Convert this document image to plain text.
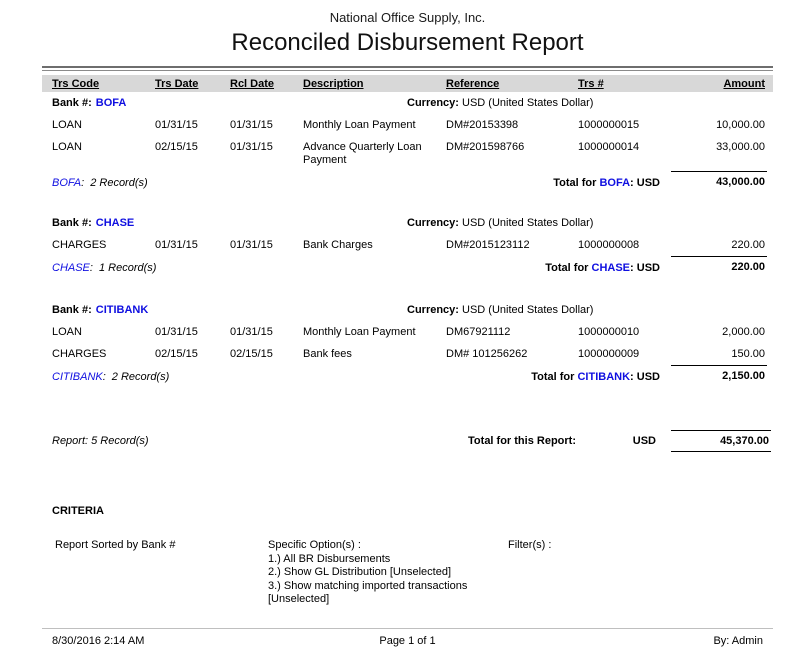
National Office Supply, Inc.
Reconciled Disbursement Report
Trs Code	Trs Date	Rcl Date	Description	Reference	Trs #	Amount
Bank #: BOFA			Currency: USD (United States Dollar)			
LOAN	01/31/15	01/31/15	Monthly Loan Payment	DM#20153398	1000000015	10,000.00
LOAN	02/15/15	01/31/15	Advance Quarterly Loan Payment	DM#201598766	1000000014	33,000.00
BOFA: 2 Record(s)			Total for BOFA: USD			43,000.00

Bank #: CHASE			Currency: USD (United States Dollar)			
CHARGES	01/31/15	01/31/15	Bank Charges	DM#2015123112	1000000008	220.00
CHASE: 1 Record(s)			Total for CHASE: USD			220.00

Bank #: CITIBANK			Currency: USD (United States Dollar)			
LOAN	01/31/15	01/31/15	Monthly Loan Payment	DM67921112	1000000010	2,000.00
CHARGES	02/15/15	02/15/15	Bank fees	DM# 101256262	1000000009	150.00
CITIBANK: 2 Record(s)			Total for CITIBANK: USD			2,150.00

Report: 5 Record(s)			Total for this Report:		USD	45,370.00
CRITERIA
Report Sorted by Bank #	Specific Option(s) :
1.) All BR Disbursements
2.) Show GL Distribution [Unselected]
3.) Show matching imported transactions [Unselected]
Filter(s) :
8/30/2016 2:14 AM	Page 1 of 1	By: Admin
